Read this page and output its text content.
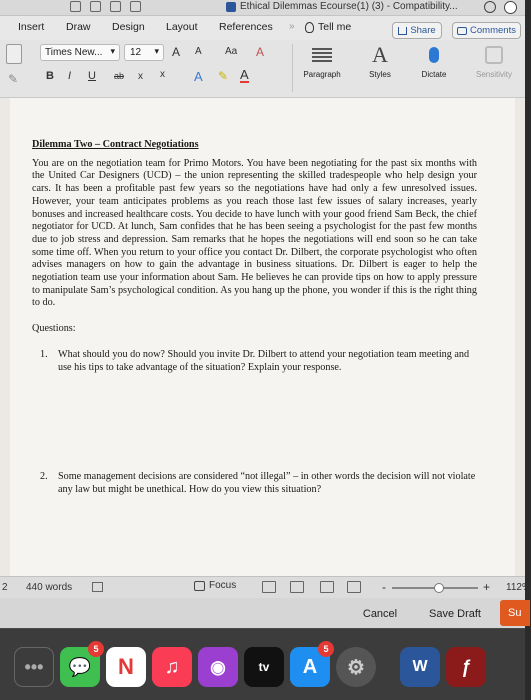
Ethical Dilemmas Ecourse(1) (3) - Compatibility...
Insert Draw Design Layout References » Tell me	Share	Comments
✎
Times New... ▾	12 ▾ A A Aa A
B I U ab x x A ✎ A	Paragraph
A
Styles	Dictate	Sensitivity
Dilemma Two – Contract Negotiations
You are on the negotiation team for Primo Motors. You have been negotiating for the past six months with the United Car Designers (UCD) – the union representing the skilled tradespeople who help design your cars. It has been a profitable past few years so the negotiations have had only a few unresolved issues. However, your team anticipates problems as you reach those last few issues of salary increases, yearly bonuses and increased healthcare costs. You decide to have lunch with your good friend Sam Beck, the chief negotiator for UCD. At lunch, Sam confides that he has been seeing a psychologist for the past few months due to job stress and depression. Sam remarks that he hopes the negotiations will end soon so he can take some time off. When you return to your office you contact Dr. Dilbert, the corporate psychologist who often advises managers on how to gain the advantage in business situations. Dr. Dilbert is eager to help the negotiation team use your information about Sam. He believes he can provide tips on how to apply pressure to manipulate Sam’s psychological condition. As you hang up the phone, you wonder if this is the right thing to do.
Questions:
1.	What should you do now? Should you invite Dr. Dilbert to attend your negotiation team meeting and use his tips to take advantage of the situation? Explain your response.
2.	Some management decisions are considered “not illegal” – in other words the decision will not violate any law but might be unethical. How do you view this situation?
2 440 words	Focus	-	+ 112%
Cancel	Save Draft	Su
••• 💬
5
N ♫ ◉	tv A
5
⚙	W ƒ
